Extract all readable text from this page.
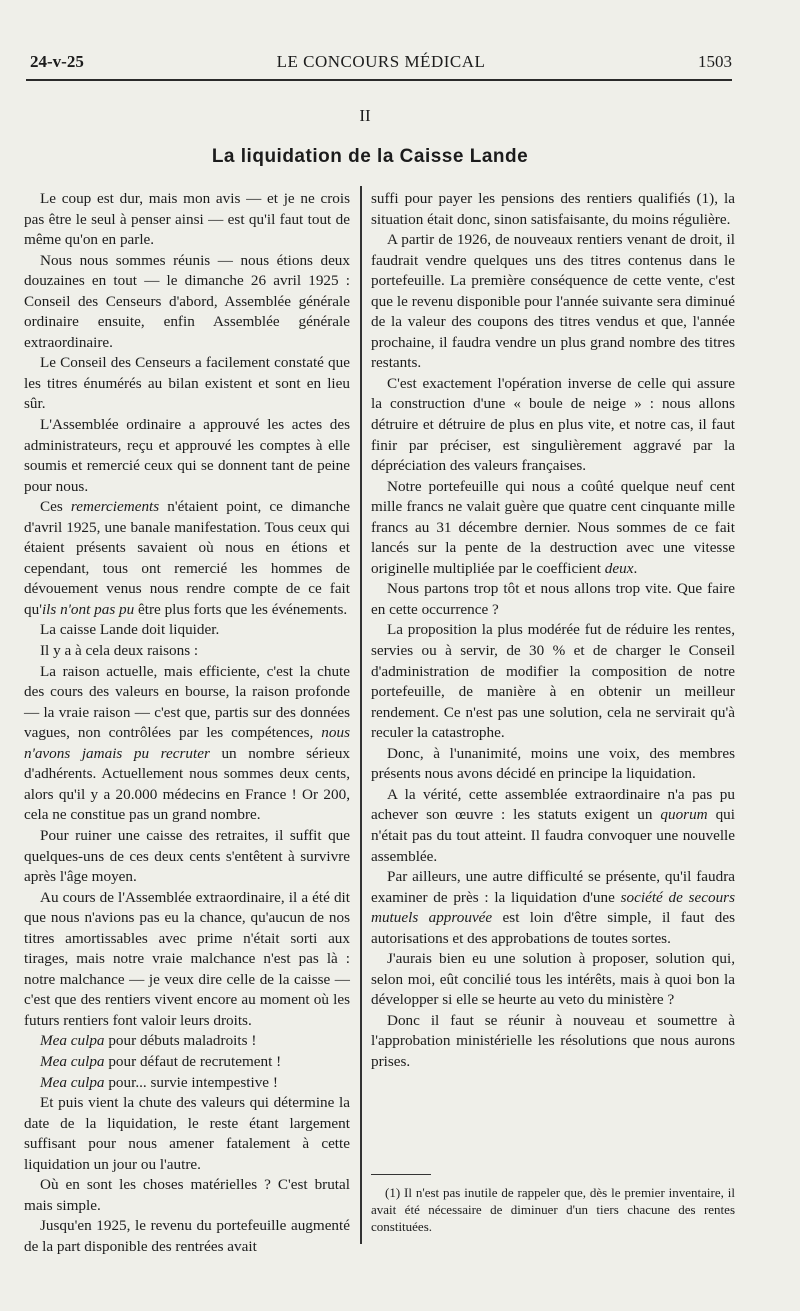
24-v-25	LE CONCOURS MÉDICAL	1503
II
La liquidation de la Caisse Lande

Le coup est dur, mais mon avis — et je ne crois pas être le seul à penser ainsi — est qu'il faut tout de même qu'on en parle.

Nous nous sommes réunis — nous étions deux douzaines en tout — le dimanche 26 avril 1925 : Conseil des Censeurs d'abord, Assemblée générale ordinaire ensuite, enfin Assemblée générale extraordinaire.

Le Conseil des Censeurs a facilement constaté que les titres énumérés au bilan existent et sont en lieu sûr.

L'Assemblée ordinaire a approuvé les actes des administrateurs, reçu et approuvé les comptes à elle soumis et remercié ceux qui se donnent tant de peine pour nous.

Ces remerciements n'étaient point, ce dimanche d'avril 1925, une banale manifestation. Tous ceux qui étaient présents savaient où nous en étions et cependant, tous ont remercié les hommes de dévouement venus nous rendre compte de ce fait qu'ils n'ont pas pu être plus forts que les événements.

La caisse Lande doit liquider.

Il y a à cela deux raisons :

La raison actuelle, mais efficiente, c'est la chute des cours des valeurs en bourse, la raison profonde — la vraie raison — c'est que, partis sur des données vagues, non contrôlées par les compétences, nous n'avons jamais pu recruter un nombre sérieux d'adhérents. Actuellement nous sommes deux cents, alors qu'il y a 20.000 médecins en France ! Or 200, cela ne constitue pas un grand nombre.

Pour ruiner une caisse des retraites, il suffit que quelques-uns de ces deux cents s'entêtent à survivre après l'âge moyen.

Au cours de l'Assemblée extraordinaire, il a été dit que nous n'avions pas eu la chance, qu'aucun de nos titres amortissables avec prime n'était sorti aux tirages, mais notre vraie malchance n'est pas là : notre malchance — je veux dire celle de la caisse — c'est que des rentiers vivent encore au moment où les futurs rentiers font valoir leurs droits.

Mea culpa pour débuts maladroits !

Mea culpa pour défaut de recrutement !

Mea culpa pour... survie intempestive !

Et puis vient la chute des valeurs qui détermine la date de la liquidation, le reste étant largement suffisant pour nous amener fatalement à cette liquidation un jour ou l'autre.

Où en sont les choses matérielles ? C'est brutal mais simple.

Jusqu'en 1925, le revenu du portefeuille augmenté de la part disponible des rentrées avait

suffi pour payer les pensions des rentiers qualifiés (1), la situation était donc, sinon satisfaisante, du moins régulière.

A partir de 1926, de nouveaux rentiers venant de droit, il faudrait vendre quelques uns des titres contenus dans le portefeuille. La première conséquence de cette vente, c'est que le revenu disponible pour l'année suivante sera diminué de la valeur des coupons des titres vendus et que, l'année prochaine, il faudra vendre un plus grand nombre des titres restants.

C'est exactement l'opération inverse de celle qui assure la construction d'une « boule de neige » : nous allons détruire et détruire de plus en plus vite, et notre cas, il faut finir par préciser, est singulièrement aggravé par la dépréciation des valeurs françaises.

Notre portefeuille qui nous a coûté quelque neuf cent mille francs ne valait guère que quatre cent cinquante mille francs au 31 décembre dernier. Nous sommes de ce fait lancés sur la pente de la destruction avec une vitesse originelle multipliée par le coefficient deux.

Nous partons trop tôt et nous allons trop vite. Que faire en cette occurrence ?

La proposition la plus modérée fut de réduire les rentes, servies ou à servir, de 30 % et de charger le Conseil d'administration de modifier la composition de notre portefeuille, de manière à en obtenir un meilleur rendement. Ce n'est pas une solution, cela ne servirait qu'à reculer la catastrophe.

Donc, à l'unanimité, moins une voix, des membres présents nous avons décidé en principe la liquidation.

A la vérité, cette assemblée extraordinaire n'a pas pu achever son œuvre : les statuts exigent un quorum qui n'était pas du tout atteint. Il faudra convoquer une nouvelle assemblée.

Par ailleurs, une autre difficulté se présente, qu'il faudra examiner de près : la liquidation d'une société de secours mutuels approuvée est loin d'être simple, il faut des autorisations et des approbations de toutes sortes.

J'aurais bien eu une solution à proposer, solution qui, selon moi, eût concilié tous les intérêts, mais à quoi bon la développer si elle se heurte au veto du ministère ?

Donc il faut se réunir à nouveau et soumettre à l'approbation ministérielle les résolutions que nous aurons prises.

(1) Il n'est pas inutile de rappeler que, dès le premier inventaire, il avait été nécessaire de diminuer d'un tiers chacune des rentes constituées.
